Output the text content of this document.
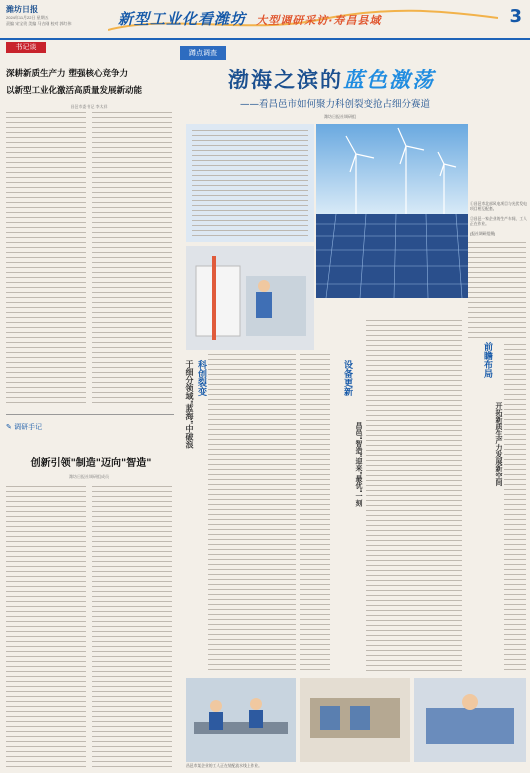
潍坊日报
2024年11月22日 星期五
责编 宋宝贵 美编 马吉刚 校对 郭红伟	新型工业化看潍坊 大型调研采访·寿昌县域	3
书记谈
深耕新质生产力 塑强核心竞争力
以新型工业化激活高质量发展新动能
昌邑市委书记 李太祥
✎ 调研手记
创新引领"制造"迈向"智造"
潍坊日报社调研组成员
蹲点调查
渤海之滨的蓝色激荡
——看昌邑市如何聚力科创裂变抢占细分赛道
潍坊日报社调研组
①昌邑市北部风电项目与光伏发电项目相互配套。
②昌邑一家企业的生产车间，工人正在作业。
(报社调研组摄)
科创裂变
于细分领域"蓝海"中破浪	设备更新
昌邑"智造"迎来"最优"一刻
前瞻布局
开拓新质生产力发展新空间
昌邑市某企业的工人正在装配流水线上作业。
